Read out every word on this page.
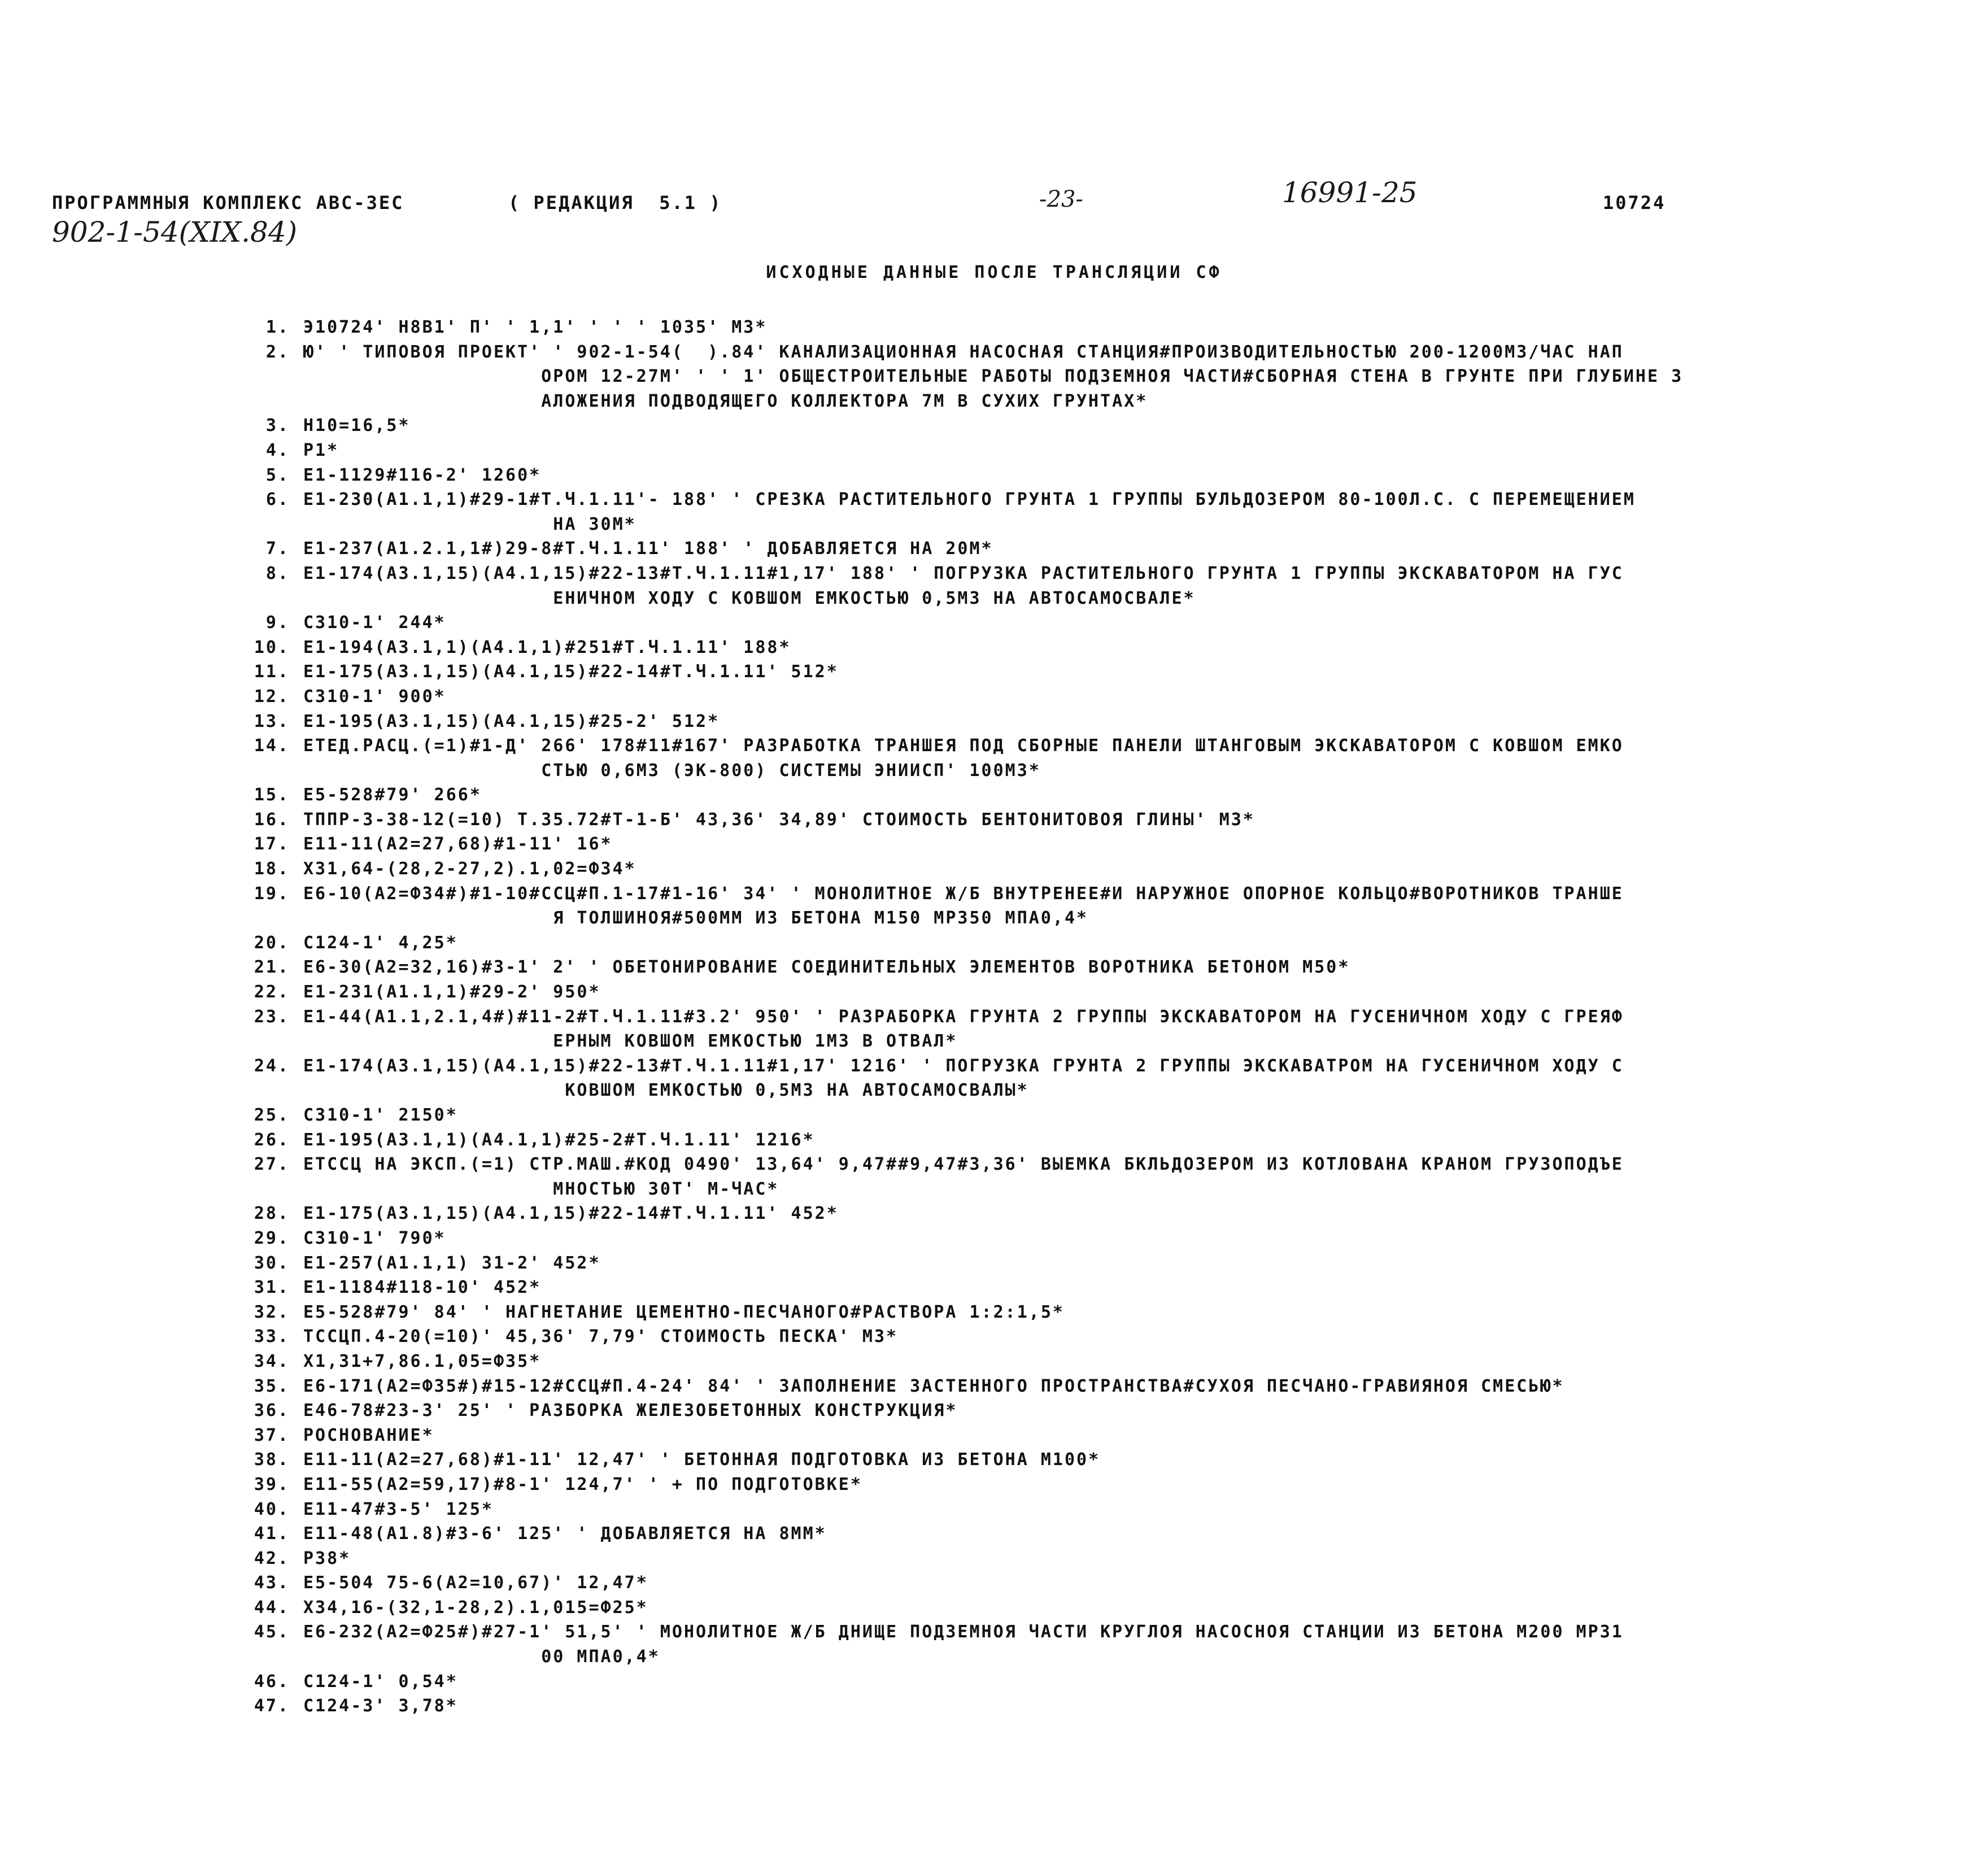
ПРОГРАММНЫЯ КОМПЛЕКС АВС-ЗЕС	( РЕДАКЦИЯ  5.1 )	-23-	16991-25	10724
902-1-54(XIX.84)
ИСХОДНЫЕ ДАННЫЕ ПОСЛЕ ТРАНСЛЯЦИИ СФ
1. Э10724' Н8В1' П' ' 1,1' ' ' ' 1035' М3*
2. Ю' ' ТИПОВОЯ ПРОЕКТ' ' 902-1-54(  ).84' КАНАЛИЗАЦИОННАЯ НАСОСНАЯ СТАНЦИЯ#ПРОИЗВОДИТЕЛЬНОСТЬЮ 200-1200М3/ЧАС НАП
ОРОМ 12-27М' ' ' 1' ОБЩЕСТРОИТЕЛЬНЫЕ РАБОТЫ ПОДЗЕМНОЯ ЧАСТИ#СБОРНАЯ СТЕНА В ГРУНТЕ ПРИ ГЛУБИНЕ З
АЛОЖЕНИЯ ПОДВОДЯЩЕГО КОЛЛЕКТОРА 7М В СУХИХ ГРУНТАХ*
3. Н10=16,5*
4. Р1*
5. Е1-1129#116-2' 1260*
6. Е1-230(А1.1,1)#29-1#Т.Ч.1.11'- 188' ' СРЕЗКА РАСТИТЕЛЬНОГО ГРУНТА 1 ГРУППЫ БУЛЬДОЗЕРОМ 80-100Л.С. С ПЕРЕМЕЩЕНИЕМ
НА 30М*
7. Е1-237(А1.2.1,1#)29-8#Т.Ч.1.11' 188' ' ДОБАВЛЯЕТСЯ НА 20М*
8. Е1-174(А3.1,15)(А4.1,15)#22-13#Т.Ч.1.11#1,17' 188' ' ПОГРУЗКА РАСТИТЕЛЬНОГО ГРУНТА 1 ГРУППЫ ЭКСКАВАТОРОМ НА ГУС
ЕНИЧНОМ ХОДУ С КОВШОМ ЕМКОСТЬЮ 0,5М3 НА АВТОСАМОСВАЛЕ*
9. С310-1' 244*
10. Е1-194(А3.1,1)(А4.1,1)#251#Т.Ч.1.11' 188*
11. Е1-175(А3.1,15)(А4.1,15)#22-14#Т.Ч.1.11' 512*
12. С310-1' 900*
13. Е1-195(А3.1,15)(А4.1,15)#25-2' 512*
14. ЕТЕД.РАСЦ.(=1)#1-Д' 266' 178#11#167' РАЗРАБОТКА ТРАНШЕЯ ПОД СБОРНЫЕ ПАНЕЛИ ШТАНГОВЫМ ЭКСКАВАТОРОМ С КОВШОМ ЕМКО
СТЬЮ 0,6М3 (ЭК-800) СИСТЕМЫ ЭНИИСП' 100М3*
15. Е5-528#79' 266*
16. ТППР-3-38-12(=10) Т.35.72#Т-1-Б' 43,36' 34,89' СТОИМОСТЬ БЕНТОНИТОВОЯ ГЛИНЫ' М3*
17. Е11-11(А2=27,68)#1-11' 16*
18. Х31,64-(28,2-27,2).1,02=Ф34*
19. Е6-10(А2=Ф34#)#1-10#ССЦ#П.1-17#1-16' 34' ' МОНОЛИТНОЕ Ж/Б ВНУТРЕНЕЕ#И НАРУЖНОЕ ОПОРНОЕ КОЛЬЦО#ВОРОТНИКОВ ТРАНШЕ
Я ТОЛШИНОЯ#500ММ ИЗ БЕТОНА М150 МР350 МПА0,4*
20. С124-1' 4,25*
21. Е6-30(А2=32,16)#3-1' 2' ' ОБЕТОНИРОВАНИЕ СОЕДИНИТЕЛЬНЫХ ЭЛЕМЕНТОВ ВОРОТНИКА БЕТОНОМ М50*
22. Е1-231(А1.1,1)#29-2' 950*
23. Е1-44(А1.1,2.1,4#)#11-2#Т.Ч.1.11#3.2' 950' ' РАЗРАБОРКА ГРУНТА 2 ГРУППЫ ЭКСКАВАТОРОМ НА ГУСЕНИЧНОМ ХОДУ С ГРЕЯФ
ЕРНЫМ КОВШОМ ЕМКОСТЬЮ 1М3 В ОТВАЛ*
24. Е1-174(А3.1,15)(А4.1,15)#22-13#Т.Ч.1.11#1,17' 1216' ' ПОГРУЗКА ГРУНТА 2 ГРУППЫ ЭКСКАВАТРОМ НА ГУСЕНИЧНОМ ХОДУ С
КОВШОМ ЕМКОСТЬЮ 0,5М3 НА АВТОСАМОСВАЛЫ*
25. С310-1' 2150*
26. Е1-195(А3.1,1)(А4.1,1)#25-2#Т.Ч.1.11' 1216*
27. ЕТССЦ НА ЭКСП.(=1) СТР.МАШ.#КОД 0490' 13,64' 9,47##9,47#3,36' ВЫЕМКА БКЛЬДОЗЕРОМ ИЗ КОТЛОВАНА КРАНОМ ГРУЗОПОДЪЕ
МНОСТЬЮ 30Т' М-ЧАС*
28. Е1-175(А3.1,15)(А4.1,15)#22-14#Т.Ч.1.11' 452*
29. С310-1' 790*
30. Е1-257(А1.1,1) 31-2' 452*
31. Е1-1184#118-10' 452*
32. Е5-528#79' 84' ' НАГНЕТАНИЕ ЦЕМЕНТНО-ПЕСЧАНОГО#РАСТВОРА 1:2:1,5*
33. ТССЦП.4-20(=10)' 45,36' 7,79' СТОИМОСТЬ ПЕСКА' М3*
34. Х1,31+7,86.1,05=Ф35*
35. Е6-171(А2=Ф35#)#15-12#ССЦ#П.4-24' 84' ' ЗАПОЛНЕНИЕ ЗАСТЕННОГО ПРОСТРАНСТВА#СУХОЯ ПЕСЧАНО-ГРАВИЯНОЯ СМЕСЬЮ*
36. Е46-78#23-3' 25' ' РАЗБОРКА ЖЕЛЕЗОБЕТОННЫХ КОНСТРУКЦИЯ*
37. РОСНОВАНИЕ*
38. Е11-11(А2=27,68)#1-11' 12,47' ' БЕТОННАЯ ПОДГОТОВКА ИЗ БЕТОНА М100*
39. Е11-55(А2=59,17)#8-1' 124,7' ' + ПО ПОДГОТОВКЕ*
40. Е11-47#3-5' 125*
41. Е11-48(А1.8)#3-6' 125' ' ДОБАВЛЯЕТСЯ НА 8ММ*
42. Р38*
43. Е5-504 75-6(А2=10,67)' 12,47*
44. Х34,16-(32,1-28,2).1,015=Ф25*
45. Е6-232(А2=Ф25#)#27-1' 51,5' ' МОНОЛИТНОЕ Ж/Б ДНИЩЕ ПОДЗЕМНОЯ ЧАСТИ КРУГЛОЯ НАСОСНОЯ СТАНЦИИ ИЗ БЕТОНА М200 МР31
00 МПА0,4*
46. С124-1' 0,54*
47. С124-3' 3,78*
